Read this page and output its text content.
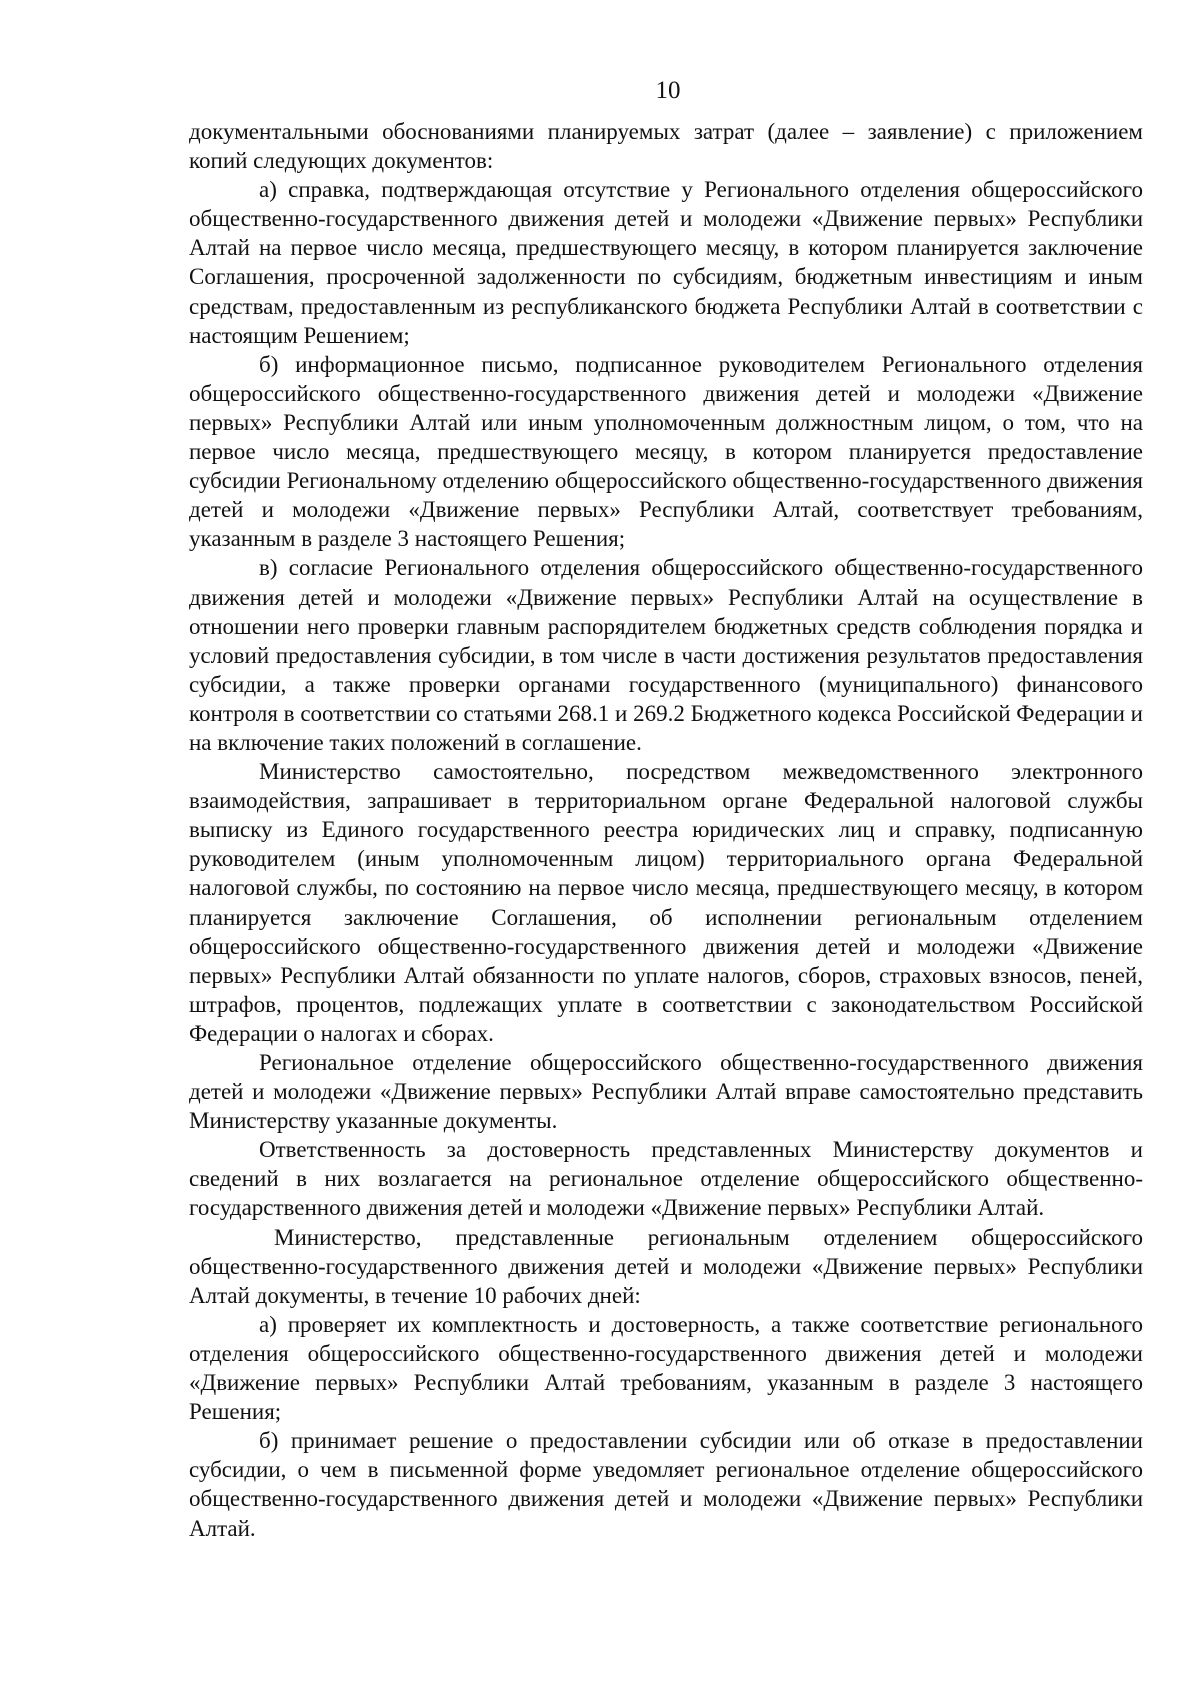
10

документальными обоснованиями планируемых затрат (далее – заявление) с приложением копий следующих документов:

а) справка, подтверждающая отсутствие у Регионального отделения общероссийского общественно-государственного движения детей и молодежи «Движение первых» Республики Алтай на первое число месяца, предшествующего месяцу, в котором планируется заключение Соглашения, просроченной задолженности по субсидиям, бюджетным инвестициям и иным средствам, предоставленным из республиканского бюджета Республики Алтай в соответствии с настоящим Решением;

б) информационное письмо, подписанное руководителем Регионального отделения общероссийского общественно-государственного движения детей и молодежи «Движение первых» Республики Алтай или иным уполномоченным должностным лицом, о том, что на первое число месяца, предшествующего месяцу, в котором планируется предоставление субсидии Региональному отделению общероссийского общественно-государственного движения детей и молодежи «Движение первых» Республики Алтай, соответствует требованиям, указанным в разделе 3 настоящего Решения;

в) согласие Регионального отделения общероссийского общественно-государственного движения детей и молодежи «Движение первых» Республики Алтай на осуществление в отношении него проверки главным распорядителем бюджетных средств соблюдения порядка и условий предоставления субсидии, в том числе в части достижения результатов предоставления субсидии, а также проверки органами государственного (муниципального) финансового контроля в соответствии со статьями 268.1 и 269.2 Бюджетного кодекса Российской Федерации и на включение таких положений в соглашение.

Министерство самостоятельно, посредством межведомственного электронного взаимодействия, запрашивает в территориальном органе Федеральной налоговой службы выписку из Единого государственного реестра юридических лиц и справку, подписанную руководителем (иным уполномоченным лицом) территориального органа Федеральной налоговой службы, по состоянию на первое число месяца, предшествующего месяцу, в котором планируется заключение Соглашения, об исполнении региональным отделением общероссийского общественно-государственного движения детей и молодежи «Движение первых» Республики Алтай обязанности по уплате налогов, сборов, страховых взносов, пеней, штрафов, процентов, подлежащих уплате в соответствии с законодательством Российской Федерации о налогах и сборах.

Региональное отделение общероссийского общественно-государственного движения детей и молодежи «Движение первых» Республики Алтай вправе самостоятельно представить Министерству указанные документы.

Ответственность за достоверность представленных Министерству документов и сведений в них возлагается на региональное отделение общероссийского общественно-государственного движения детей и молодежи «Движение первых» Республики Алтай.

Министерство, представленные региональным отделением общероссийского общественно-государственного движения детей и молодежи «Движение первых» Республики Алтай документы, в течение 10 рабочих дней:

а) проверяет их комплектность и достоверность, а также соответствие регионального отделения общероссийского общественно-государственного движения детей и молодежи «Движение первых» Республики Алтай требованиям, указанным в разделе 3 настоящего Решения;

б) принимает решение о предоставлении субсидии или об отказе в предоставлении субсидии, о чем в письменной форме уведомляет региональное отделение общероссийского общественно-государственного движения детей и молодежи «Движение первых» Республики Алтай.
